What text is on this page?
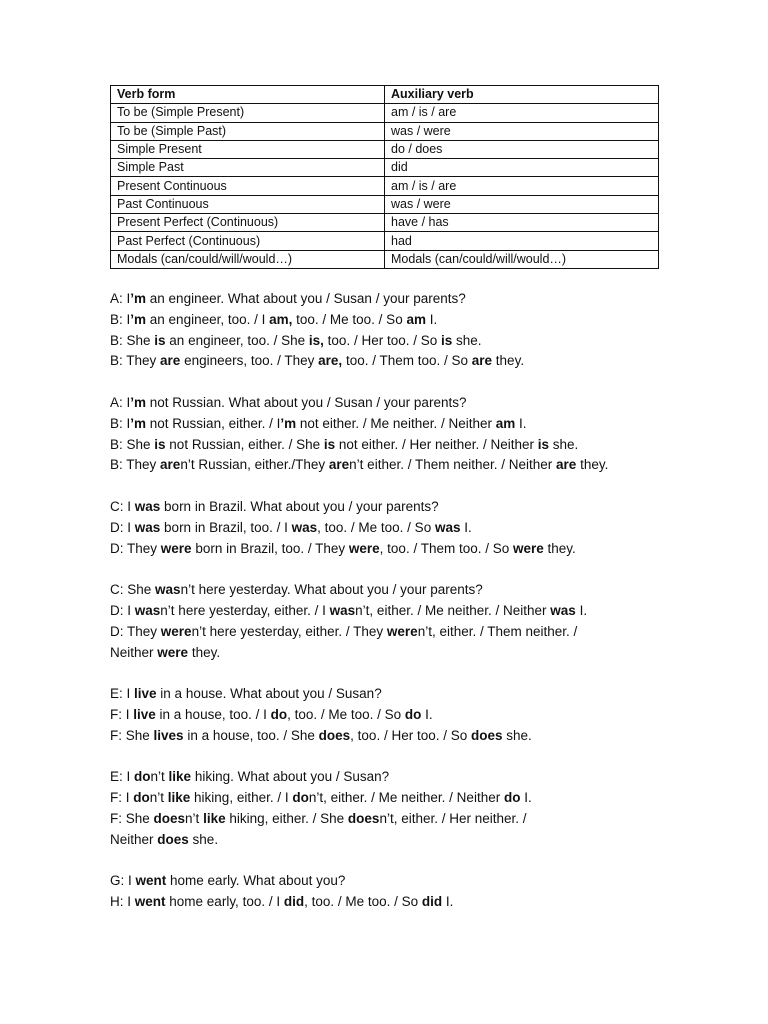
Verb form	Auxiliary verb
To be (Simple Present)	am / is / are
To be (Simple Past)	was / were
Simple Present	do / does
Simple Past	did
Present Continuous	am / is / are
Past Continuous	was / were
Present Perfect (Continuous)	have / has
Past Perfect (Continuous)	had
Modals (can/could/will/would…)	Modals (can/could/will/would…)
A: I’m an engineer. What about you / Susan / your parents?
B: I’m an engineer, too. / I am, too. / Me too. / So am I.
B: She is an engineer, too. / She is, too. / Her too. / So is she.
B: They are engineers, too. / They are, too. / Them too. / So are they.
A: I’m not Russian. What about you / Susan / your parents?
B: I’m not Russian, either. / I’m not either. / Me neither. / Neither am I.
B: She is not Russian, either. / She is not either. / Her neither. / Neither is she.
B: They aren’t Russian, either./They aren’t either. / Them neither. / Neither are they.
C: I was born in Brazil. What about you / your parents?
D: I was born in Brazil, too. / I was, too. / Me too. / So was I.
D: They were born in Brazil, too. / They were, too. / Them too. / So were they.
C: She wasn’t here yesterday. What about you / your parents?
D: I wasn’t here yesterday, either. / I wasn’t, either. / Me neither. / Neither was I.
D: They weren’t here yesterday, either. / They weren’t, either. / Them neither. /
Neither were they.
E: I live in a house. What about you / Susan?
F: I live in a house, too. / I do, too. / Me too. / So do I.
F: She lives in a house, too. / She does, too. / Her too. / So does she.
E: I don’t like hiking. What about you / Susan?
F: I don’t like hiking, either. / I don’t, either. / Me neither. / Neither do I.
F: She doesn’t like hiking, either. / She doesn’t, either. / Her neither. /
Neither does she.
G: I went home early. What about you?
H: I went home early, too. / I did, too. / Me too. / So did I.
